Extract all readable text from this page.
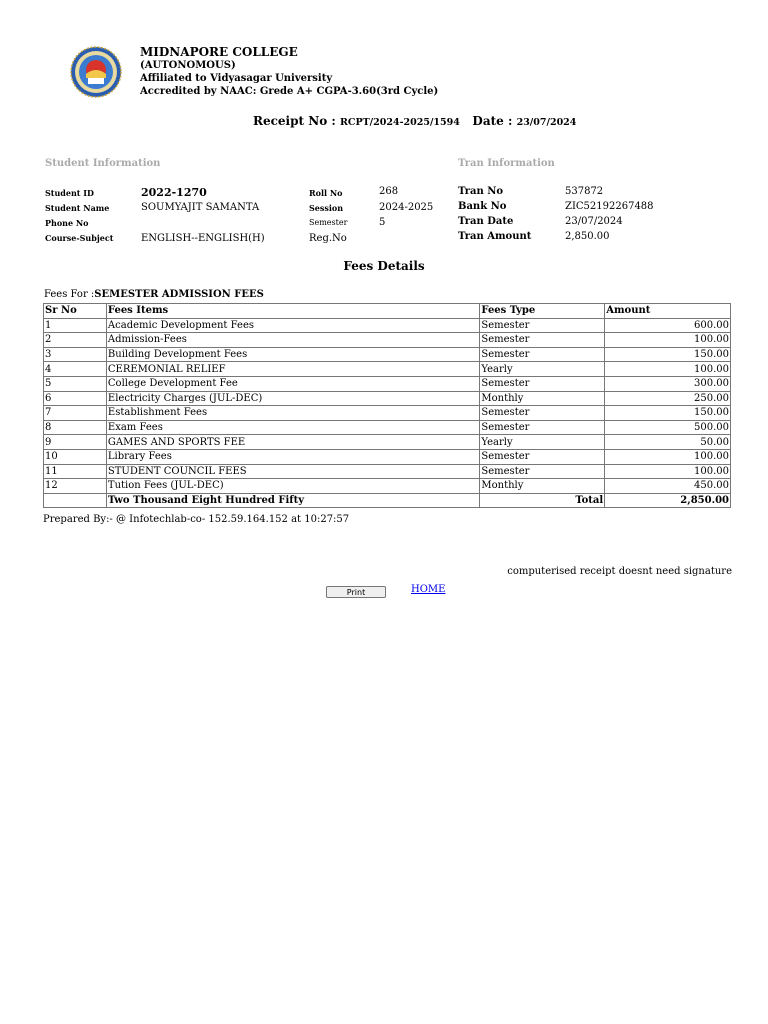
MIDNAPORE COLLEGE
(AUTONOMOUS)
Affiliated to Vidyasagar University
Accredited by NAAC: Grede A+ CGPA-3.60(3rd Cycle)
Receipt No : RCPT/2024-2025/1594 Date : 23/07/2024
Student Information	Tran Information
Student ID	2022-1270
Student Name	SOUMYAJIT SAMANTA
Phone No
Course-Subject	ENGLISH--ENGLISH(H)
Roll No	268
Session	2024-2025
Semester	5
Reg.No
Tran No	537872
Bank No	ZIC52192267488
Tran Date	23/07/2024
Tran Amount	2,850.00
Fees Details
Fees For :SEMESTER ADMISSION FEES
Sr No	Fees Items	Fees Type	Amount
1	Academic Development Fees	Semester	600.00
2	Admission-Fees	Semester	100.00
3	Building Development Fees	Semester	150.00
4	CEREMONIAL RELIEF	Yearly	100.00
5	College Development Fee	Semester	300.00
6	Electricity Charges (JUL-DEC)	Monthly	250.00
7	Establishment Fees	Semester	150.00
8	Exam Fees	Semester	500.00
9	GAMES AND SPORTS FEE	Yearly	50.00
10	Library Fees	Semester	100.00
11	STUDENT COUNCIL FEES	Semester	100.00
12	Tution Fees (JUL-DEC)	Monthly	450.00
	Two Thousand Eight Hundred Fifty	Total	2,850.00
Prepared By:- @ Infotechlab-co- 152.59.164.152 at 10:27:57
computerised receipt doesnt need signature
Print	HOME
